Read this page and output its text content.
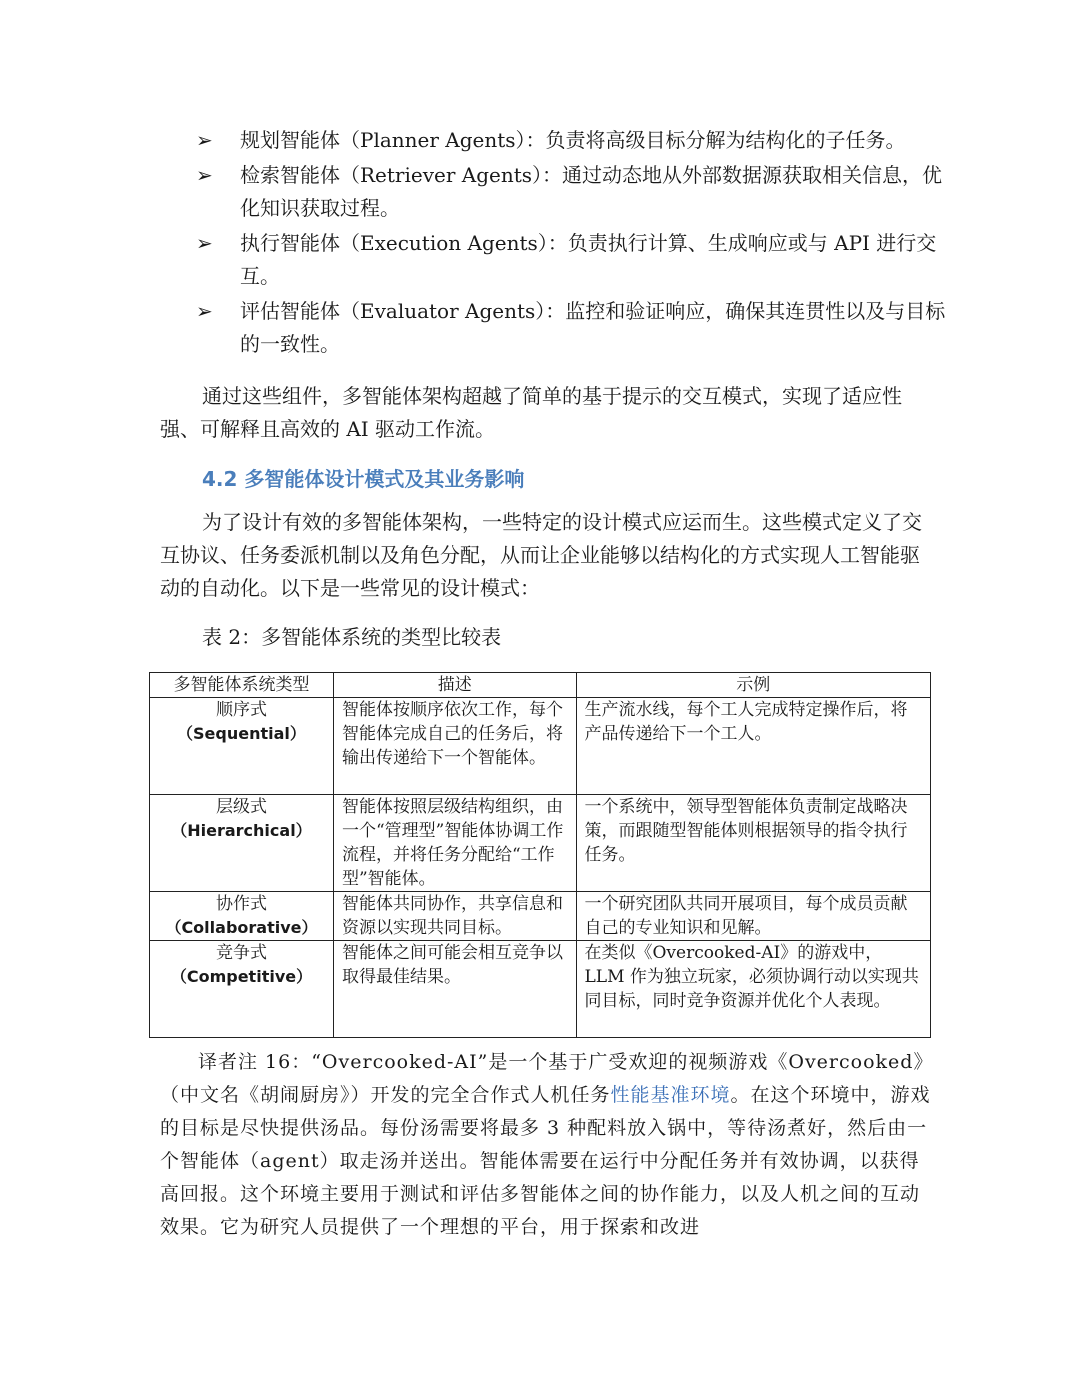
➢ 规划智能体（Planner Agents）：负责将高级目标分解为结构化的子任务。
➢ 检索智能体（Retriever Agents）：通过动态地从外部数据源获取相关信息，优化知识获取过程。
➢ 执行智能体（Execution Agents）：负责执行计算、生成响应或与 API 进行交互。
➢ 评估智能体（Evaluator Agents）：监控和验证响应，确保其连贯性以及与目标的一致性。

通过这些组件，多智能体架构超越了简单的基于提示的交互模式，实现了适应性强、可解释且高效的 AI 驱动工作流。

4.2 多智能体设计模式及其业务影响

为了设计有效的多智能体架构，一些特定的设计模式应运而生。这些模式定义了交互协议、任务委派机制以及角色分配，从而让企业能够以结构化的方式实现人工智能驱动的自动化。以下是一些常见的设计模式：

表 2：多智能体系统的类型比较表

多智能体系统类型	描述	示例

顺序式
（Sequential）	智能体按顺序依次工作，每个智能体完成自己的任务后，将输出传递给下一个智能体。	生产流水线，每个工人完成特定操作后，将产品传递给下一个工人。

层级式
（Hierarchical）	智能体按照层级结构组织，由一个“管理型”智能体协调工作流程，并将任务分配给“工作型”智能体。	一个系统中，领导型智能体负责制定战略决策，而跟随型智能体则根据领导的指令执行任务。

协作式
（Collaborative）	智能体共同协作，共享信息和资源以实现共同目标。	一个研究团队共同开展项目，每个成员贡献自己的专业知识和见解。

竞争式
（Competitive）	智能体之间可能会相互竞争以取得最佳结果。	在类似《Overcooked-AI》的游戏中，LLM 作为独立玩家，必须协调行动以实现共同目标，同时竞争资源并优化个人表现。

译者注 16：“Overcooked-AI”是一个基于广受欢迎的视频游戏《Overcooked》（中文名《胡闹厨房》）开发的完全合作式人机任务性能基准环境。在这个环境中，游戏的目标是尽快提供汤品。每份汤需要将最多 3 种配料放入锅中，等待汤煮好，然后由一个智能体（agent）取走汤并送出。智能体需要在运行中分配任务并有效协调，以获得高回报。这个环境主要用于测试和评估多智能体之间的协作能力，以及人机之间的互动效果。它为研究人员提供了一个理想的平台，用于探索和改进
